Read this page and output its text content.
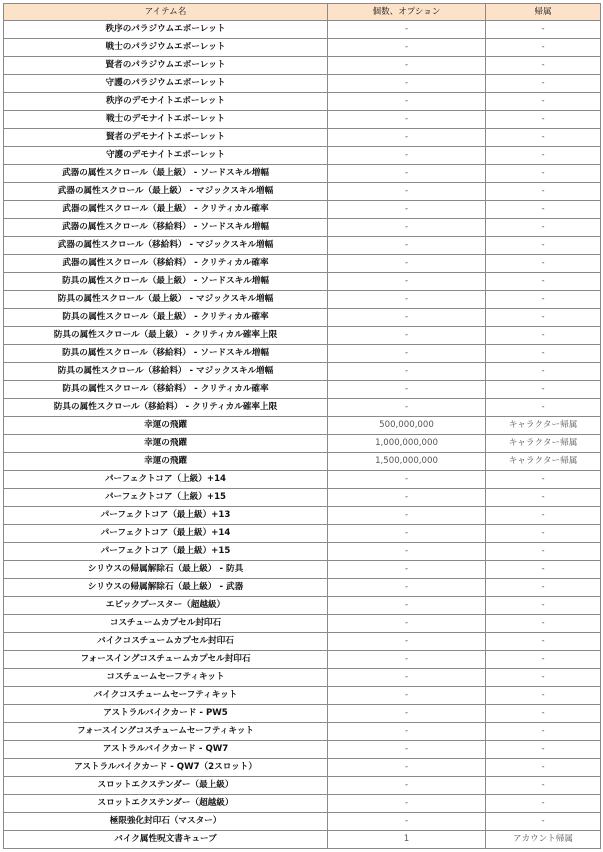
アイテム名	個数、オプション	帰属
秩序のパラジウムエポーレット	-	-
戦士のパラジウムエポーレット	-	-
賢者のパラジウムエポーレット	-	-
守護のパラジウムエポーレット	-	-
秩序のデモナイトエポーレット	-	-
戦士のデモナイトエポーレット	-	-
賢者のデモナイトエポーレット	-	-
守護のデモナイトエポーレット	-	-
武器の属性スクロール（最上級） - ソードスキル増幅	-	-
武器の属性スクロール（最上級） - マジックスキル増幅	-	-
武器の属性スクロール（最上級） - クリティカル確率	-	-
武器の属性スクロール（移給料） - ソードスキル増幅	-	-
武器の属性スクロール（移給料） - マジックスキル増幅	-	-
武器の属性スクロール（移給料） - クリティカル確率	-	-
防具の属性スクロール（最上級） - ソードスキル増幅	-	-
防具の属性スクロール（最上級） - マジックスキル増幅	-	-
防具の属性スクロール（最上級） - クリティカル確率	-	-
防具の属性スクロール（最上級） - クリティカル確率上限	-	-
防具の属性スクロール（移給料） - ソードスキル増幅	-	-
防具の属性スクロール（移給料） - マジックスキル増幅	-	-
防具の属性スクロール（移給料） - クリティカル確率	-	-
防具の属性スクロール（移給料） - クリティカル確率上限	-	-
幸運の飛躍	500,000,000	キャラクター帰属
幸運の飛躍	1,000,000,000	キャラクター帰属
幸運の飛躍	1,500,000,000	キャラクター帰属
パーフェクトコア（上級）+14	-	-
パーフェクトコア（上級）+15	-	-
パーフェクトコア（最上級）+13	-	-
パーフェクトコア（最上級）+14	-	-
パーフェクトコア（最上級）+15	-	-
シリウスの帰属解除石（最上級） - 防具	-	-
シリウスの帰属解除石（最上級） - 武器	-	-
エピックブースター（超越級）	-	-
コスチュームカプセル封印石	-	-
バイクコスチュームカプセル封印石	-	-
フォースイングコスチュームカプセル封印石	-	-
コスチュームセーフティキット	-	-
バイクコスチュームセーフティキット	-	-
アストラルバイクカード - PW5	-	-
フォースイングコスチュームセーフティキット	-	-
アストラルバイクカード - QW7	-	-
アストラルバイクカード - QW7（2スロット）	-	-
スロットエクステンダー（最上級）	-	-
スロットエクステンダー（超越級）	-	-
極限強化封印石（マスター）	-	-
バイク属性呪文書キューブ	1	アカウント帰属
